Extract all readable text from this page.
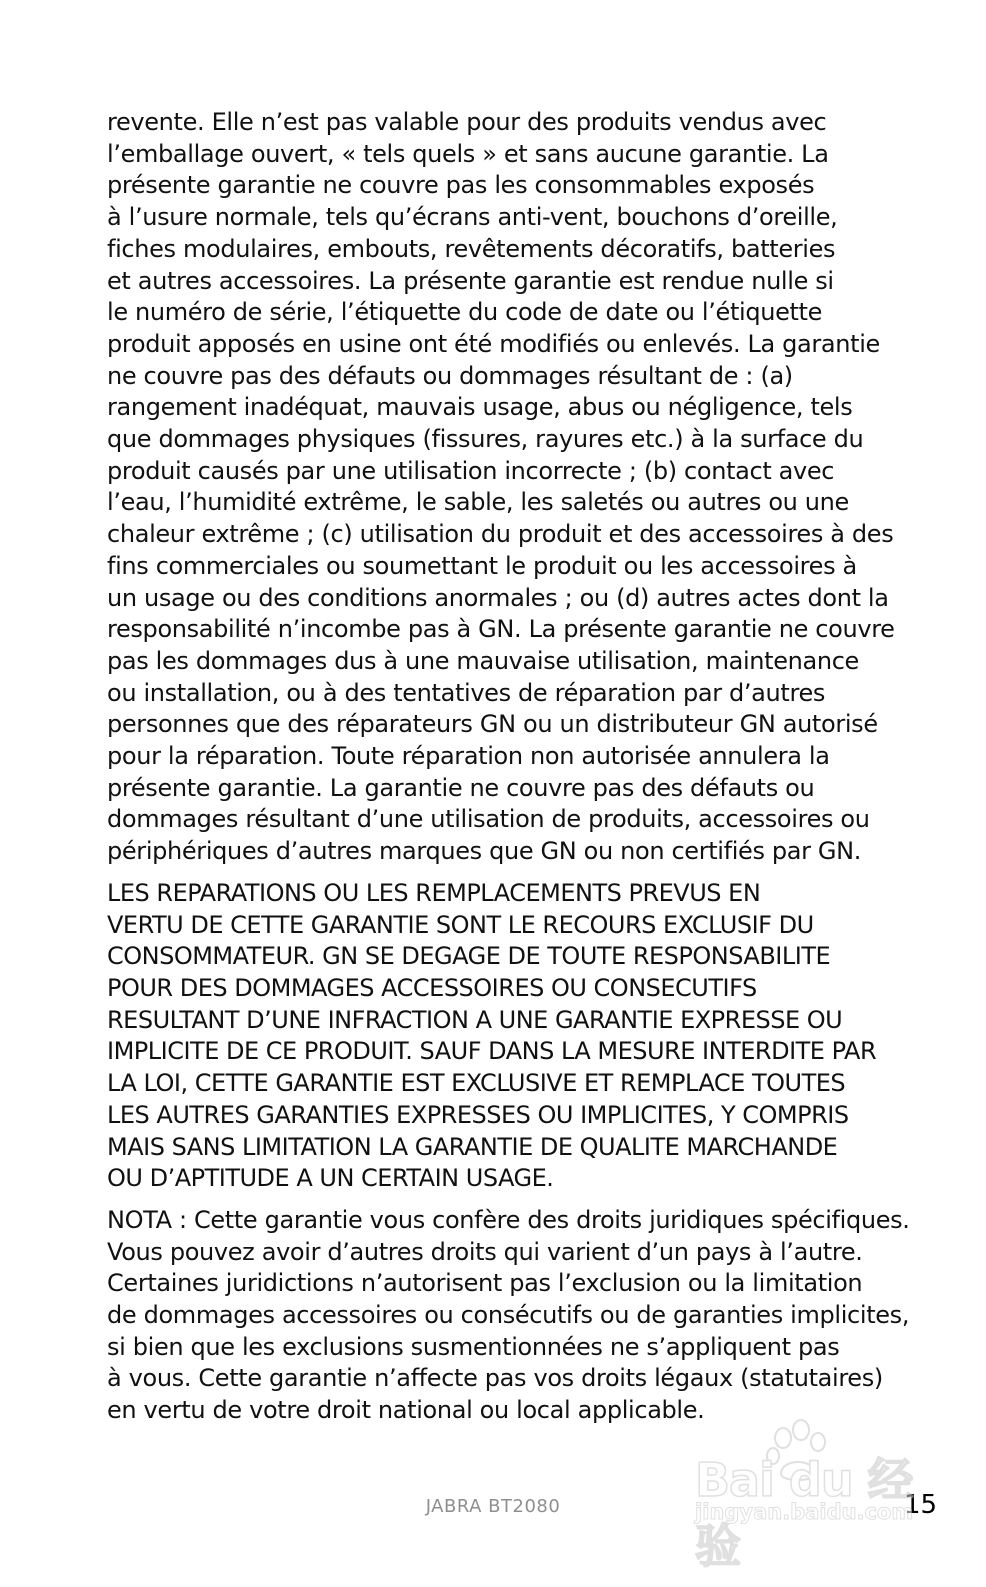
revente. Elle n’est pas valable pour des produits vendus avec
l’emballage ouvert, « tels quels » et sans aucune garantie. La
présente garantie ne couvre pas les consommables exposés
à l’usure normale, tels qu’écrans anti-vent, bouchons d’oreille,
fiches modulaires, embouts, revêtements décoratifs, batteries
et autres accessoires. La présente garantie est rendue nulle si
le numéro de série, l’étiquette du code de date ou l’étiquette
produit apposés en usine ont été modifiés ou enlevés. La garantie
ne couvre pas des défauts ou dommages résultant de : (a)
rangement inadéquat, mauvais usage, abus ou négligence, tels
que dommages physiques (fissures, rayures etc.) à la surface du
produit causés par une utilisation incorrecte ; (b) contact avec
l’eau, l’humidité extrême, le sable, les saletés ou autres ou une
chaleur extrême ; (c) utilisation du produit et des accessoires à des
fins commerciales ou soumettant le produit ou les accessoires à
un usage ou des conditions anormales ; ou (d) autres actes dont la
responsabilité n’incombe pas à GN. La présente garantie ne couvre
pas les dommages dus à une mauvaise utilisation, maintenance
ou installation, ou à des tentatives de réparation par d’autres
personnes que des réparateurs GN ou un distributeur GN autorisé
pour la réparation. Toute réparation non autorisée annulera la
présente garantie. La garantie ne couvre pas des défauts ou
dommages résultant d’une utilisation de produits, accessoires ou
périphériques d’autres marques que GN ou non certifiés par GN.

LES REPARATIONS OU LES REMPLACEMENTS PREVUS EN
VERTU DE CETTE GARANTIE SONT LE RECOURS EXCLUSIF DU
CONSOMMATEUR. GN SE DEGAGE DE TOUTE RESPONSABILITE
POUR DES DOMMAGES ACCESSOIRES OU CONSECUTIFS
RESULTANT D’UNE INFRACTION A UNE GARANTIE EXPRESSE OU
IMPLICITE DE CE PRODUIT. SAUF DANS LA MESURE INTERDITE PAR
LA LOI, CETTE GARANTIE EST EXCLUSIVE ET REMPLACE TOUTES
LES AUTRES GARANTIES EXPRESSES OU IMPLICITES, Y COMPRIS
MAIS SANS LIMITATION LA GARANTIE DE QUALITE MARCHANDE
OU D’APTITUDE A UN CERTAIN USAGE.

NOTA : Cette garantie vous confère des droits juridiques spécifiques.
Vous pouvez avoir d’autres droits qui varient d’un pays à l’autre.
Certaines juridictions n’autorisent pas l’exclusion ou la limitation
de dommages accessoires ou consécutifs ou de garanties implicites,
si bien que les exclusions susmentionnées ne s’appliquent pas
à vous. Cette garantie n’affecte pas vos droits légaux (statutaires)
en vertu de votre droit national ou local applicable.

JABRA BT2080	15
Bai du 经验
jingyan.baidu.com
